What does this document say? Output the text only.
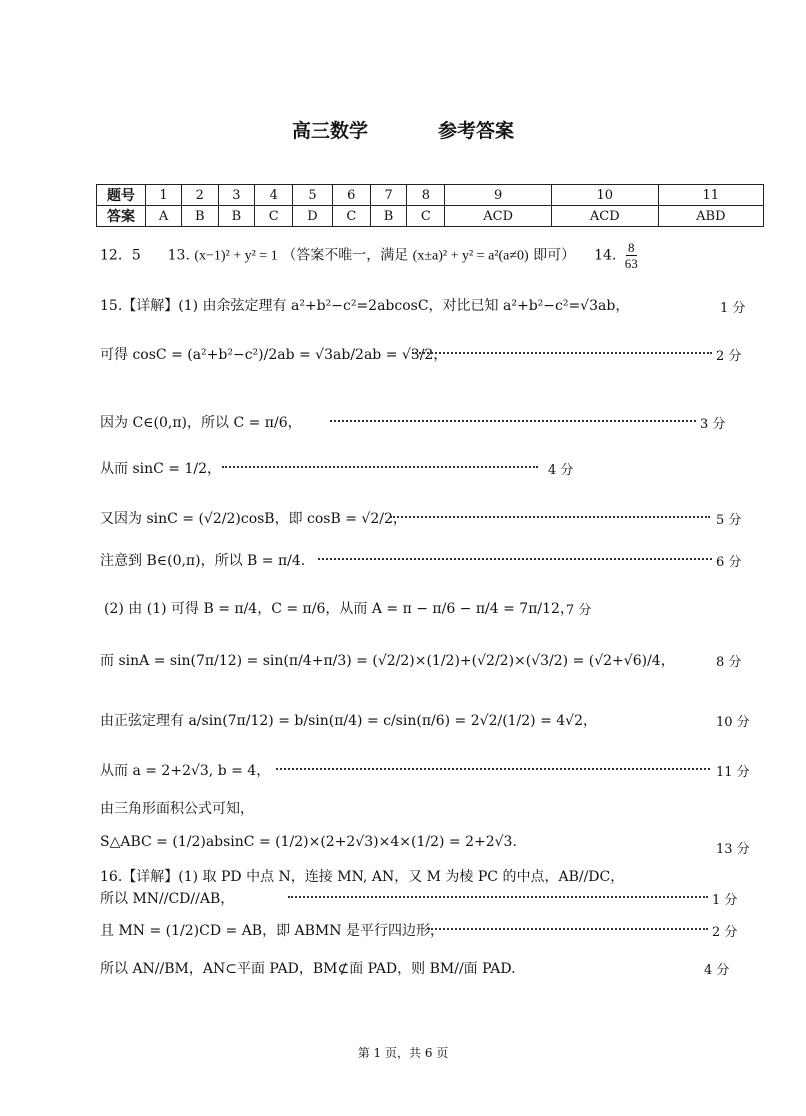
高三数学	参考答案
题号	1	2	3	4	5	6	7	8	9	10	11
答案	A	B	B	C	D	C	B	C	ACD	ACD	ABD
12．5 13. (x−1)² + y² = 1 （答案不唯一，满足 (x±a)² + y² = a²(a≠0) 即可） 14. $\frac{8}{63}$
15.【详解】(1) 由余弦定理有 a²+b²−c²=2abcosC，对比已知 a²+b²−c²=√3ab，	1 分
可得 cosC = (a²+b²−c²)/2ab = √3ab/2ab = √3/2，	2 分
因为 C∈(0,π)，所以 C = π/6，	3 分
从而 sinC = 1/2，	4 分
又因为 sinC = (√2/2)cosB，即 cosB = √2/2，	5 分
注意到 B∈(0,π)，所以 B = π/4.	6 分
(2) 由 (1) 可得 B = π/4，C = π/6，从而 A = π − π/6 − π/4 = 7π/12，
7 分
而 sinA = sin(7π/12) = sin(π/4+π/3) = (√2/2)×(1/2)+(√2/2)×(√3/2) = (√2+√6)/4，	8 分
由正弦定理有 a/sin(7π/12) = b/sin(π/4) = c/sin(π/6) = 2√2/(1/2) = 4√2，	10 分
从而 a = 2+2√3, b = 4，	11 分
由三角形面积公式可知，
S△ABC = (1/2)absinC = (1/2)×(2+2√3)×4×(1/2) = 2+2√3.	13 分
16.【详解】(1) 取 PD 中点 N，连接 MN, AN，又 M 为棱 PC 的中点，AB//DC，
所以 MN//CD//AB，	1 分
且 MN = (1/2)CD = AB，即 ABMN 是平行四边形，	2 分
所以 AN//BM，AN⊂平面 PAD，BM⊄面 PAD，则 BM//面 PAD.	4 分
第 1 页，共 6 页
